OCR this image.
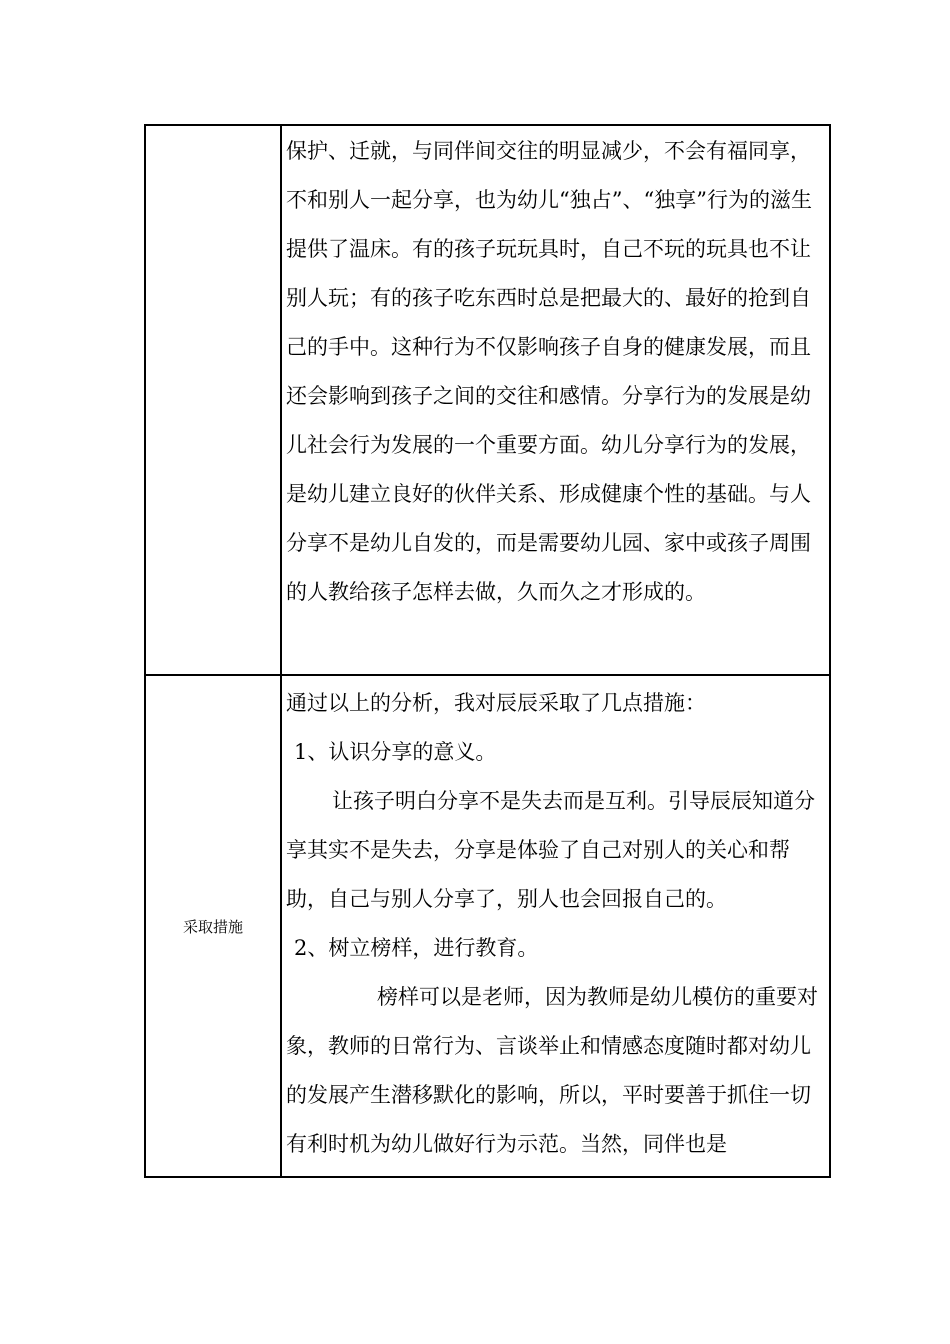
	保护、迁就，与同伴间交往的明显减少，不会有福同享，不和别人一起分享，也为幼儿“独占”、“独享”行为的滋生提供了温床。有的孩子玩玩具时，自己不玩的玩具也不让别人玩；有的孩子吃东西时总是把最大的、最好的抢到自己的手中。这种行为不仅影响孩子自身的健康发展，而且还会影响到孩子之间的交往和感情。分享行为的发展是幼儿社会行为发展的一个重要方面。幼儿分享行为的发展，是幼儿建立良好的伙伴关系、形成健康个性的基础。与人分享不是幼儿自发的，而是需要幼儿园、家中或孩子周围的人教给孩子怎样去做，久而久之才形成的。

采取措施	通过以上的分析，我对辰辰采取了几点措施：

1、认识分享的意义。

让孩子明白分享不是失去而是互利。引导辰辰知道分享其实不是失去，分享是体验了自己对别人的关心和帮助，自己与别人分享了，别人也会回报自己的。

2、树立榜样，进行教育。

榜样可以是老师，因为教师是幼儿模仿的重要对象，教师的日常行为、言谈举止和情感态度随时都对幼儿的发展产生潜移默化的影响，所以，平时要善于抓住一切有利时机为幼儿做好行为示范。当然，同伴也是
